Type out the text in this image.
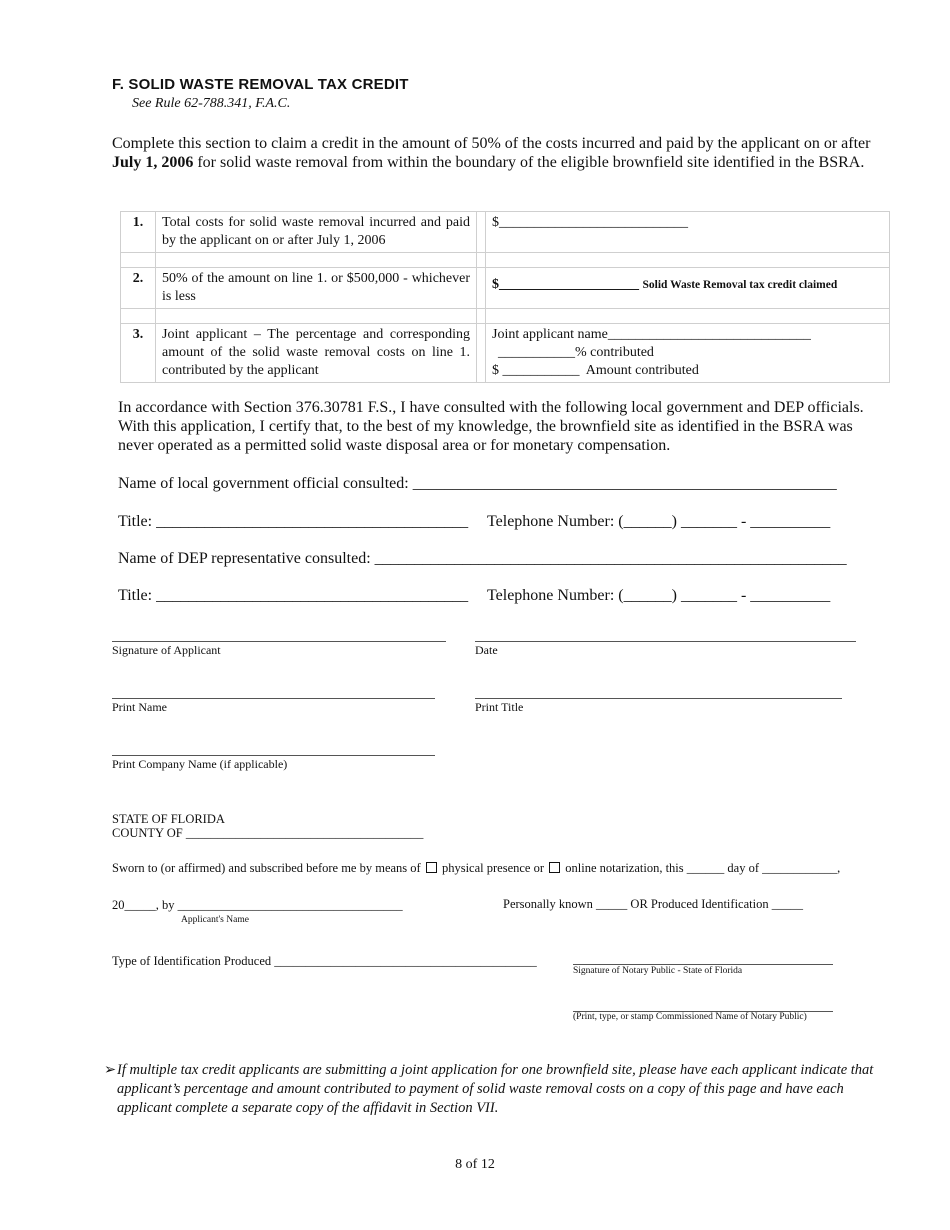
F. SOLID WASTE REMOVAL TAX CREDIT
See Rule 62-788.341, F.A.C.
Complete this section to claim a credit in the amount of 50% of the costs incurred and paid by the applicant on or after July 1, 2006 for solid waste removal from within the boundary of the eligible brownfield site identified in the BSRA.
1.	Total costs for solid waste removal incurred and paid by the applicant on or after July 1, 2006		$___________________________

2.	50% of the amount on line 1. or $500,000 - whichever is less		$____________________ Solid Waste Removal tax credit claimed

3.	Joint applicant – The percentage and corresponding amount of the solid waste removal costs on line 1. contributed by the applicant		Joint applicant name_____________________________
___________% contributed
$ ___________  Amount contributed
In accordance with Section 376.30781 F.S., I have consulted with the following local government and DEP officials. With this application, I certify that, to the best of my knowledge, the brownfield site as identified in the BSRA was never operated as a permitted solid waste disposal area or for monetary compensation.
Name of local government official consulted: _____________________________________________________
Title: _______________________________________ Telephone Number: (______) _______ - __________
Name of DEP representative consulted: ___________________________________________________________
Title: _______________________________________ Telephone Number: (______) _______ - __________
Signature of Applicant	Date
Print Name	Print Title
Print Company Name (if applicable)
STATE OF FLORIDA
COUNTY OF ______________________________________
Sworn to (or affirmed) and subscribed before me by means of  physical presence or  online notarization, this ______ day of ____________,
20_____, by ____________________________________
Applicant's Name
Personally known _____ OR Produced Identification _____
Type of Identification Produced __________________________________________
Signature of Notary Public - State of Florida
(Print, type, or stamp Commissioned Name of Notary Public)
➢ If multiple tax credit applicants are submitting a joint application for one brownfield site, please have each applicant indicate that applicant’s percentage and amount contributed to payment of solid waste removal costs on a copy of this page and have each applicant complete a separate copy of the affidavit in Section VII.
8 of 12
